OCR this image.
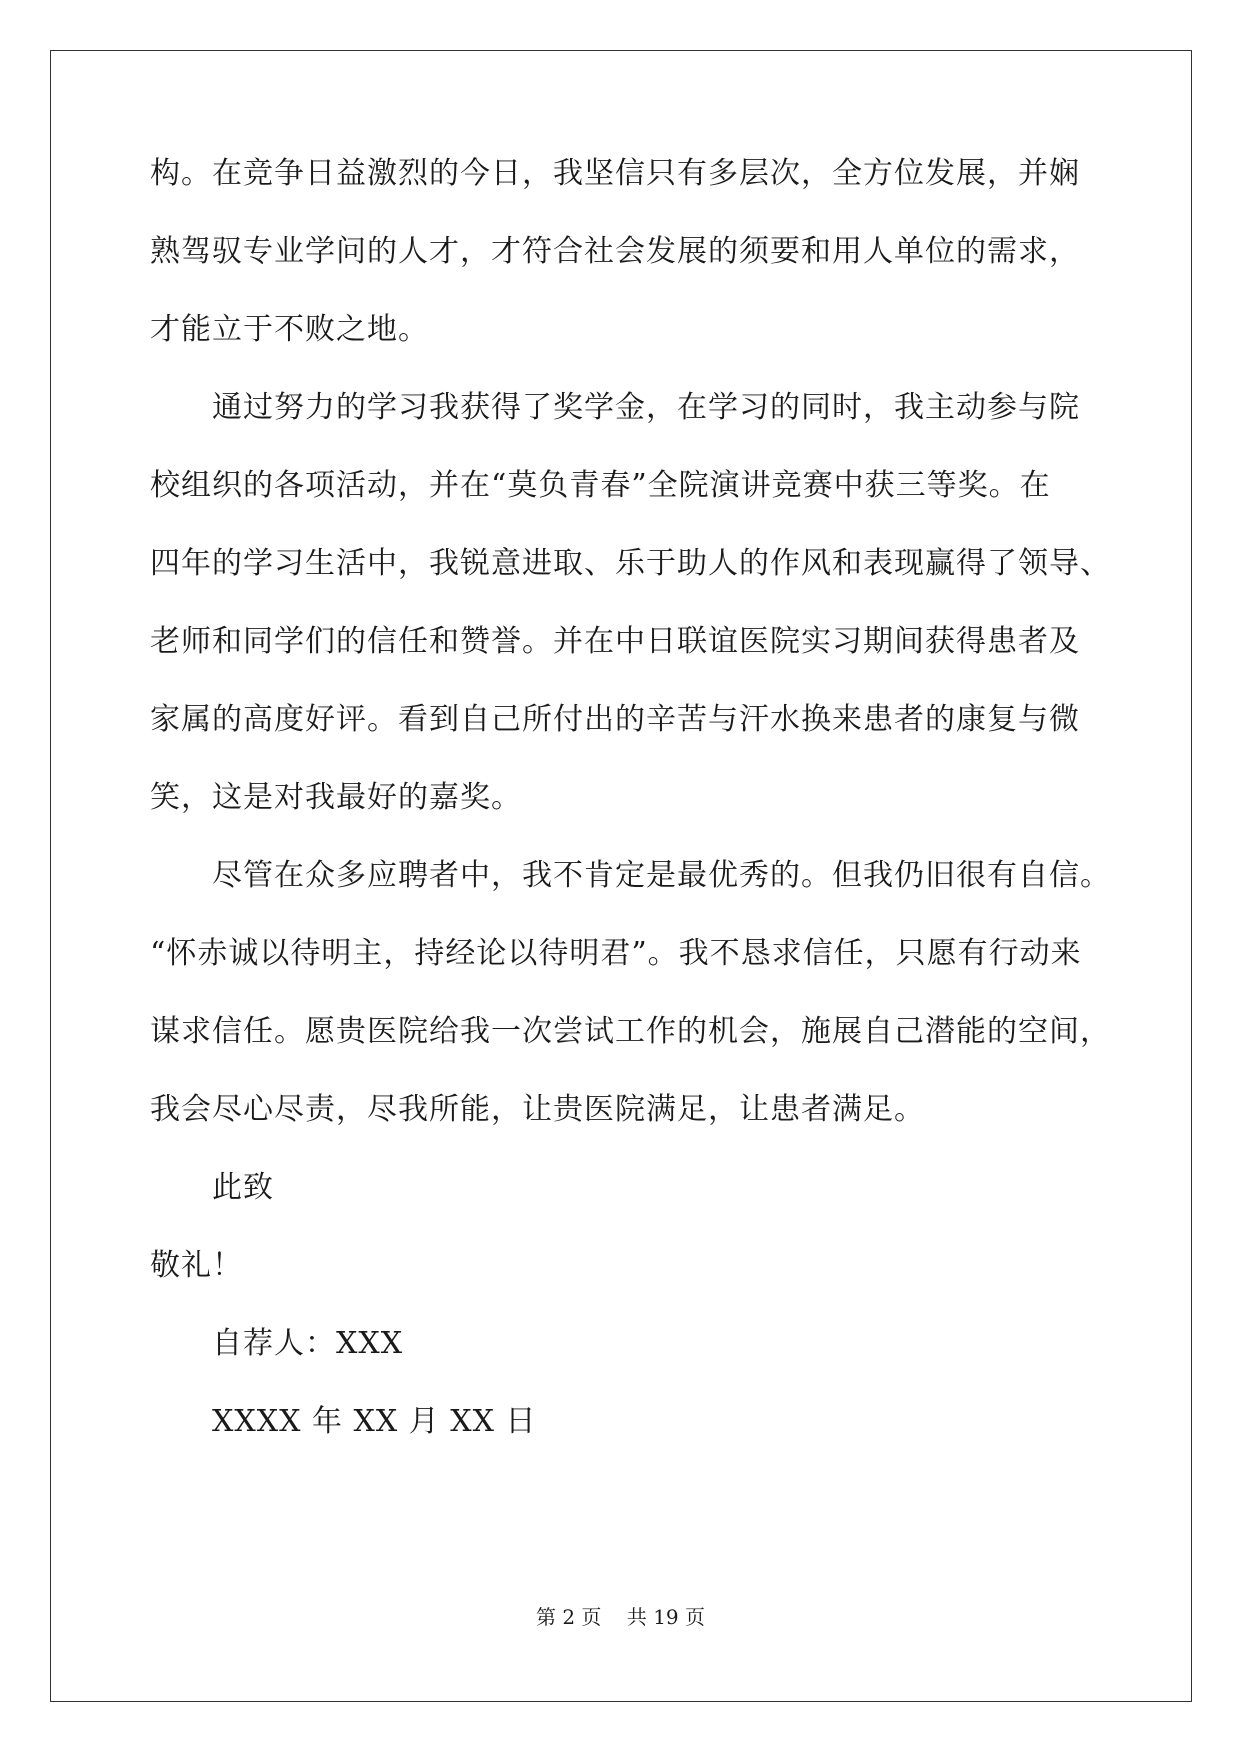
构。在竞争日益激烈的今日，我坚信只有多层次，全方位发展，并娴
熟驾驭专业学问的人才，才符合社会发展的须要和用人单位的需求，
才能立于不败之地。
通过努力的学习我获得了奖学金，在学习的同时，我主动参与院
校组织的各项活动，并在“莫负青春”全院演讲竞赛中获三等奖。在
四年的学习生活中，我锐意进取、乐于助人的作风和表现赢得了领导、
老师和同学们的信任和赞誉。并在中日联谊医院实习期间获得患者及
家属的高度好评。看到自己所付出的辛苦与汗水换来患者的康复与微
笑，这是对我最好的嘉奖。
尽管在众多应聘者中，我不肯定是最优秀的。但我仍旧很有自信。
“怀赤诚以待明主，持经论以待明君”。我不恳求信任，只愿有行动来
谋求信任。愿贵医院给我一次尝试工作的机会，施展自己潜能的空间，
我会尽心尽责，尽我所能，让贵医院满足，让患者满足。
此致
敬礼！
自荐人：XXX
XXXX 年 XX 月 XX 日
第 2 页    共 19 页
